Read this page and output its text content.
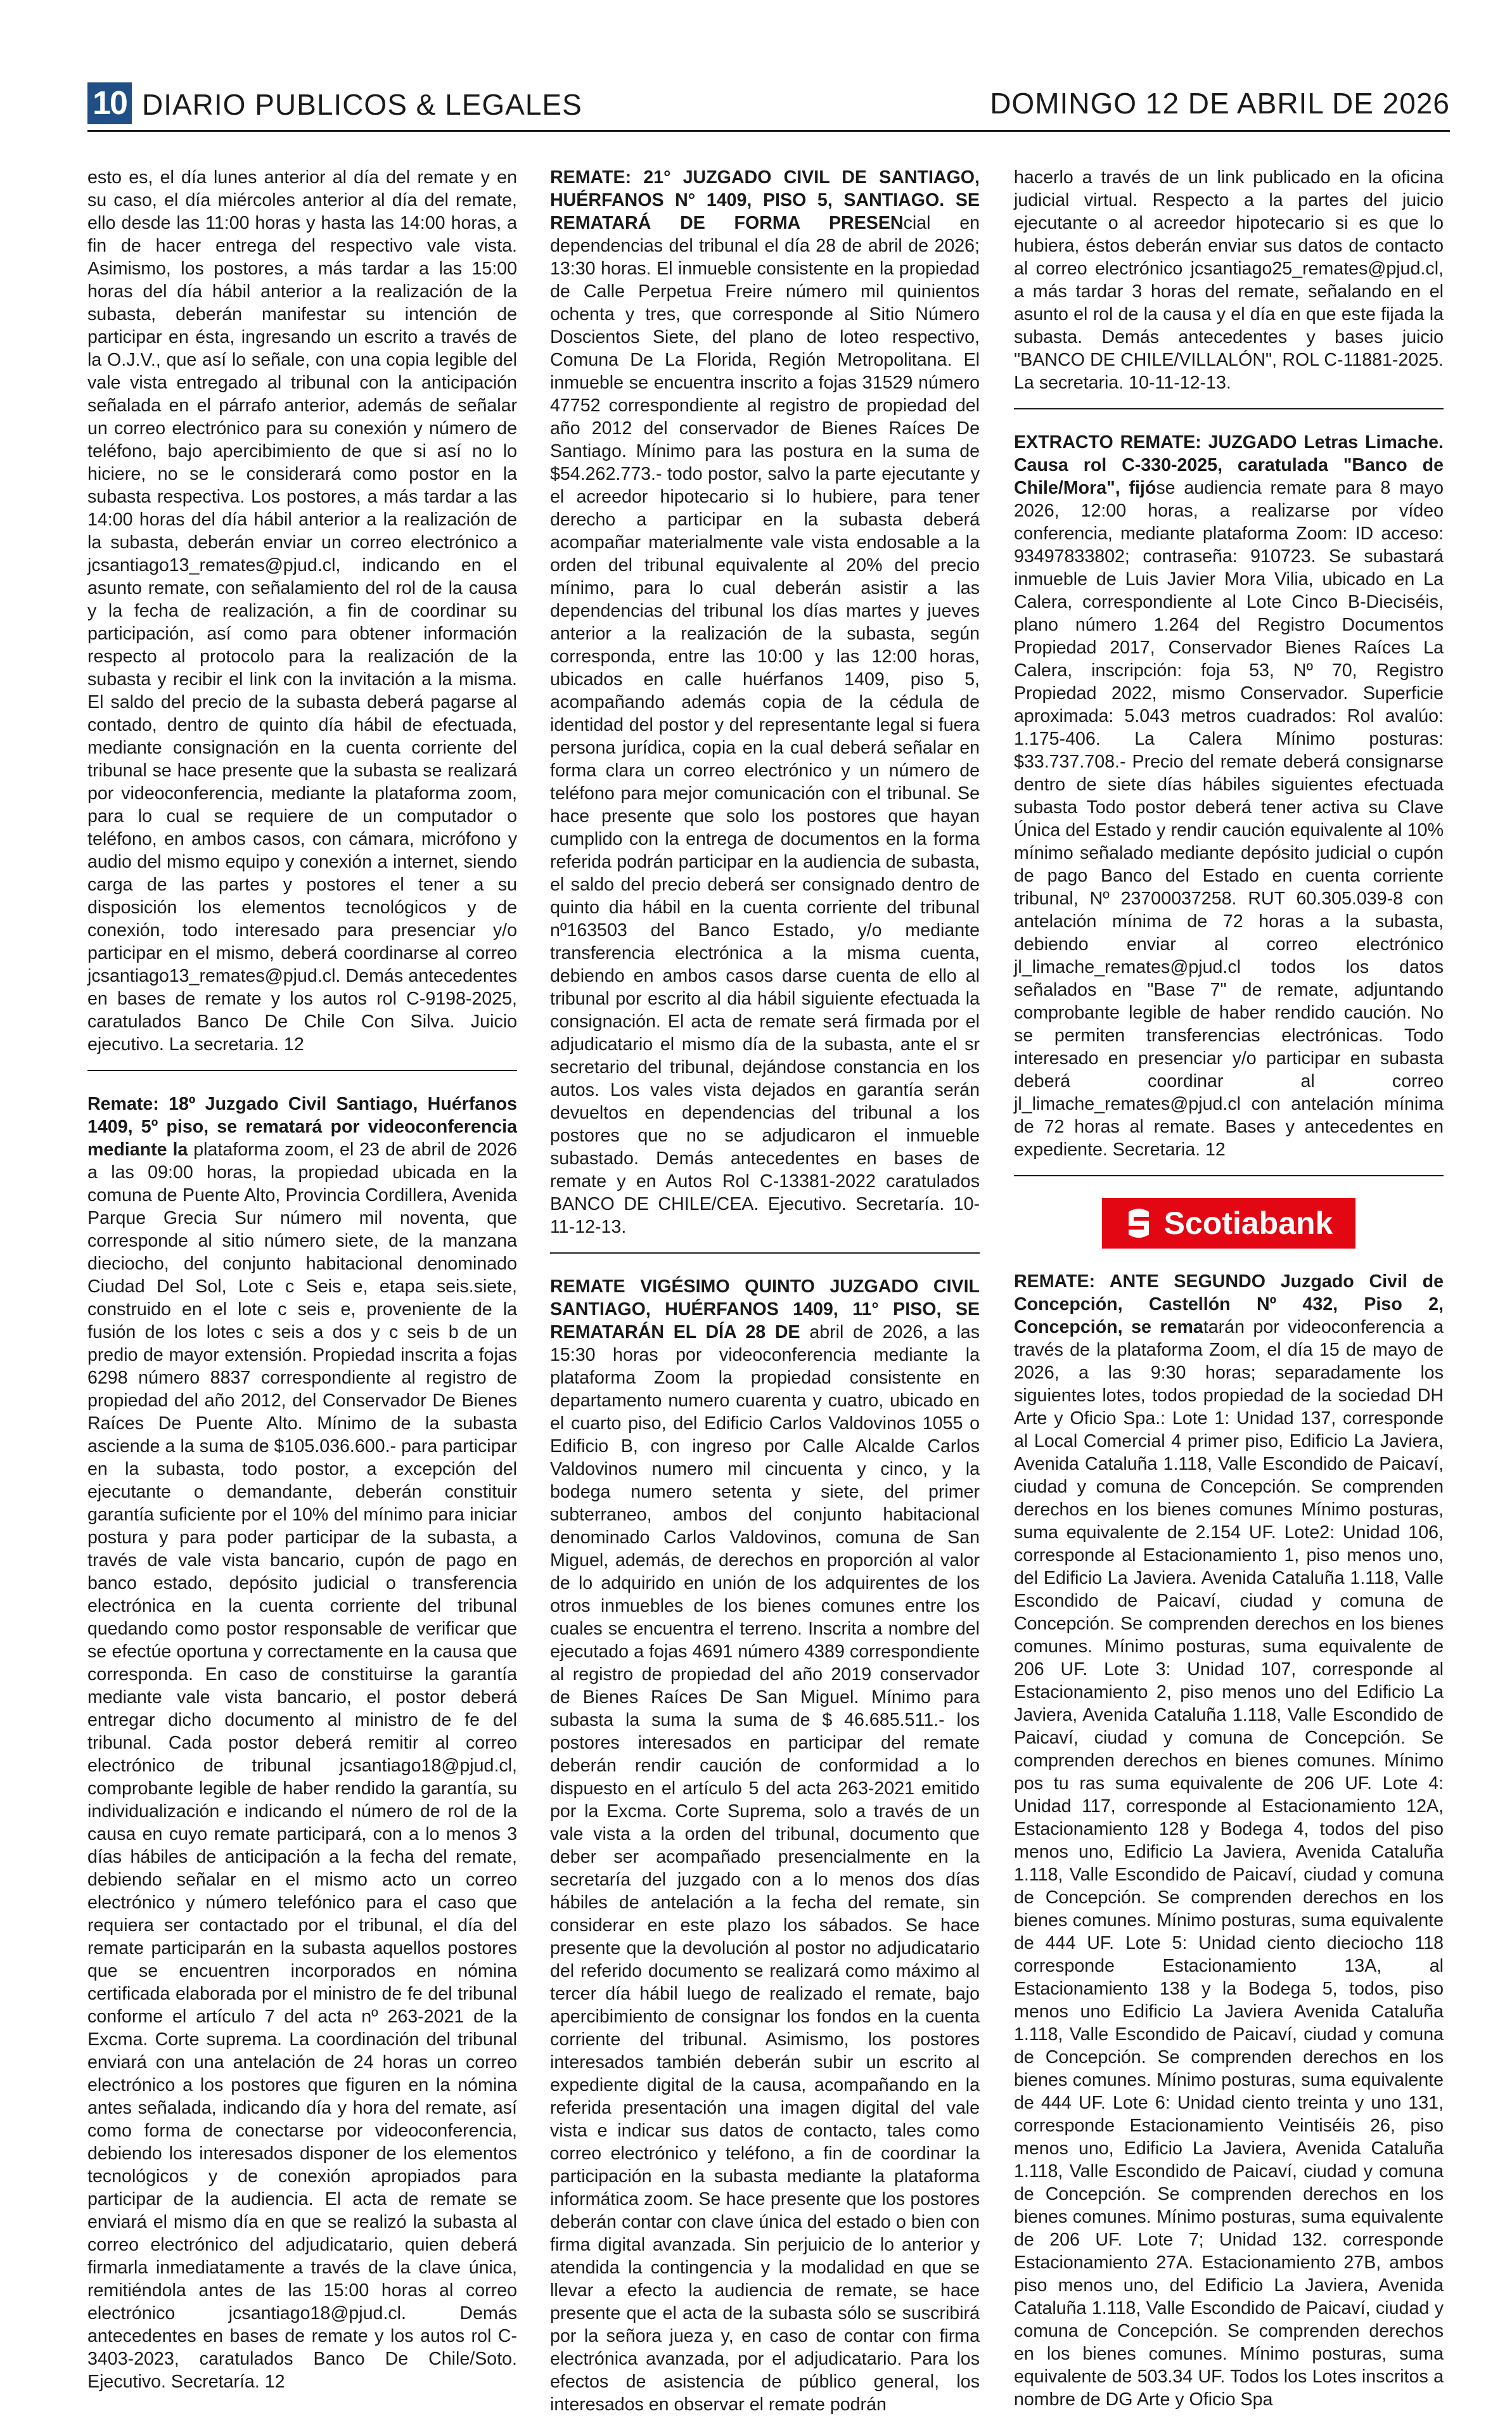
10 DIARIO PUBLICOS & LEGALES	DOMINGO 12 DE ABRIL DE 2026

esto es, el día lunes anterior al día del remate y en su caso, el día miércoles anterior al día del remate, ello desde las 11:00 horas y hasta las 14:00 horas, a fin de hacer entrega del respectivo vale vista. Asimismo, los postores, a más tardar a las 15:00 horas del día hábil anterior a la realización de la subasta, deberán manifestar su intención de participar en ésta, ingresando un escrito a través de la O.J.V., que así lo señale, con una copia legible del vale vista entregado al tribunal con la anticipación señalada en el párrafo anterior, además de señalar un correo electrónico para su conexión y número de teléfono, bajo apercibimiento de que si así no lo hiciere, no se le considerará como postor en la subasta respectiva. Los postores, a más tardar a las 14:00 horas del día hábil anterior a la realización de la subasta, deberán enviar un correo electrónico a jcsantiago13_remates@pjud.cl, indicando en el asunto remate, con señalamiento del rol de la causa y la fecha de realización, a fin de coordinar su participación, así como para obtener información respecto al protocolo para la realización de la subasta y recibir el link con la invitación a la misma. El saldo del precio de la subasta deberá pagarse al contado, dentro de quinto día hábil de efectuada, mediante consignación en la cuenta corriente del tribunal se hace presente que la subasta se realizará por videoconferencia, mediante la plataforma zoom, para lo cual se requiere de un computador o teléfono, en ambos casos, con cámara, micrófono y audio del mismo equipo y conexión a internet, siendo carga de las partes y postores el tener a su disposición los elementos tecnológicos y de conexión, todo interesado para presenciar y/o participar en el mismo, deberá coordinarse al correo jcsantiago13_remates@pjud.cl. Demás antecedentes en bases de remate y los autos rol C-9198-2025, caratulados Banco De Chile Con Silva. Juicio ejecutivo. La secretaria. 12

Remate: 18º Juzgado Civil Santiago, Huérfanos 1409, 5º piso, se rematará por videoconferencia mediante la plataforma zoom, el 23 de abril de 2026 a las 09:00 horas, la propiedad ubicada en la comuna de Puente Alto, Provincia Cordillera, Avenida Parque Grecia Sur número mil noventa, que corresponde al sitio número siete, de la manzana dieciocho, del conjunto habitacional denominado Ciudad Del Sol, Lote c Seis e, etapa seis.siete, construido en el lote c seis e, proveniente de la fusión de los lotes c seis a dos y c seis b de un predio de mayor extensión. Propiedad inscrita a fojas 6298 número 8837 correspondiente al registro de propiedad del año 2012, del Conservador De Bienes Raíces De Puente Alto. Mínimo de la subasta asciende a la suma de $105.036.600.- para participar en la subasta, todo postor, a excepción del ejecutante o demandante, deberán constituir garantía suficiente por el 10% del mínimo para iniciar postura y para poder participar de la subasta, a través de vale vista bancario, cupón de pago en banco estado, depósito judicial o transferencia electrónica en la cuenta corriente del tribunal quedando como postor responsable de verificar que se efectúe oportuna y correctamente en la causa que corresponda. En caso de constituirse la garantía mediante vale vista bancario, el postor deberá entregar dicho documento al ministro de fe del tribunal. Cada postor deberá remitir al correo electrónico de tribunal jcsantiago18@pjud.cl, comprobante legible de haber rendido la garantía, su individualización e indicando el número de rol de la causa en cuyo remate participará, con a lo menos 3 días hábiles de anticipación a la fecha del remate, debiendo señalar en el mismo acto un correo electrónico y número telefónico para el caso que requiera ser contactado por el tribunal, el día del remate participarán en la subasta aquellos postores que se encuentren incorporados en nómina certificada elaborada por el ministro de fe del tribunal conforme el artículo 7 del acta nº 263-2021 de la Excma. Corte suprema. La coordinación del tribunal enviará con una antelación de 24 horas un correo electrónico a los postores que figuren en la nómina antes señalada, indicando día y hora del remate, así como forma de conectarse por videoconferencia, debiendo los interesados disponer de los elementos tecnológicos y de conexión apropiados para participar de la audiencia. El acta de remate se enviará el mismo día en que se realizó la subasta al correo electrónico del adjudicatario, quien deberá firmarla inmediatamente a través de la clave única, remitiéndola antes de las 15:00 horas al correo electrónico jcsantiago18@pjud.cl. Demás antecedentes en bases de remate y los autos rol C-3403-2023, caratulados Banco De Chile/Soto. Ejecutivo. Secretaría. 12

REMATE: 21° JUZGADO CIVIL DE SANTIAGO, HUÉRFANOS N° 1409, PISO 5, SANTIAGO. SE REMATARÁ DE FORMA PRESENcial en dependencias del tribunal el día 28 de abril de 2026; 13:30 horas. El inmueble consistente en la propiedad de Calle Perpetua Freire número mil quinientos ochenta y tres, que corresponde al Sitio Número Doscientos Siete, del plano de loteo respectivo, Comuna De La Florida, Región Metropolitana. El inmueble se encuentra inscrito a fojas 31529 número 47752 correspondiente al registro de propiedad del año 2012 del conservador de Bienes Raíces De Santiago. Mínimo para las postura en la suma de $54.262.773.- todo postor, salvo la parte ejecutante y el acreedor hipotecario si lo hubiere, para tener derecho a participar en la subasta deberá acompañar materialmente vale vista endosable a la orden del tribunal equivalente al 20% del precio mínimo, para lo cual deberán asistir a las dependencias del tribunal los días martes y jueves anterior a la realización de la subasta, según corresponda, entre las 10:00 y las 12:00 horas, ubicados en calle huérfanos 1409, piso 5, acompañando además copia de la cédula de identidad del postor y del representante legal si fuera persona jurídica, copia en la cual deberá señalar en forma clara un correo electrónico y un número de teléfono para mejor comunicación con el tribunal. Se hace presente que solo los postores que hayan cumplido con la entrega de documentos en la forma referida podrán participar en la audiencia de subasta, el saldo del precio deberá ser consignado dentro de quinto dia hábil en la cuenta corriente del tribunal nº163503 del Banco Estado, y/o mediante transferencia electrónica a la misma cuenta, debiendo en ambos casos darse cuenta de ello al tribunal por escrito al dia hábil siguiente efectuada la consignación. El acta de remate será firmada por el adjudicatario el mismo día de la subasta, ante el sr secretario del tribunal, dejándose constancia en los autos. Los vales vista dejados en garantía serán devueltos en dependencias del tribunal a los postores que no se adjudicaron el inmueble subastado. Demás antecedentes en bases de remate y en Autos Rol C-13381-2022 caratulados BANCO DE CHILE/CEA. Ejecutivo. Secretaría. 10-11-12-13.

REMATE VIGÉSIMO QUINTO JUZGADO CIVIL SANTIAGO, HUÉRFANOS 1409, 11° PISO, SE REMATARÁN EL DÍA 28 DE abril de 2026, a las 15:30 horas por videoconferencia mediante la plataforma Zoom la propiedad consistente en departamento numero cuarenta y cuatro, ubicado en el cuarto piso, del Edificio Carlos Valdovinos 1055 o Edificio B, con ingreso por Calle Alcalde Carlos Valdovinos numero mil cincuenta y cinco, y la bodega numero setenta y siete, del primer subterraneo, ambos del conjunto habitacional denominado Carlos Valdovinos, comuna de San Miguel, además, de derechos en proporción al valor de lo adquirido en unión de los adquirentes de los otros inmuebles de los bienes comunes entre los cuales se encuentra el terreno. Inscrita a nombre del ejecutado a fojas 4691 número 4389 correspondiente al registro de propiedad del año 2019 conservador de Bienes Raíces De San Miguel. Mínimo para subasta la suma la suma de $ 46.685.511.- los postores interesados en participar del remate deberán rendir caución de conformidad a lo dispuesto en el artículo 5 del acta 263-2021 emitido por la Excma. Corte Suprema, solo a través de un vale vista a la orden del tribunal, documento que deber ser acompañado presencialmente en la secretaría del juzgado con a lo menos dos días hábiles de antelación a la fecha del remate, sin considerar en este plazo los sábados. Se hace presente que la devolución al postor no adjudicatario del referido documento se realizará como máximo al tercer día hábil luego de realizado el remate, bajo apercibimiento de consignar los fondos en la cuenta corriente del tribunal. Asimismo, los postores interesados también deberán subir un escrito al expediente digital de la causa, acompañando en la referida presentación una imagen digital del vale vista e indicar sus datos de contacto, tales como correo electrónico y teléfono, a fin de coordinar la participación en la subasta mediante la plataforma informática zoom. Se hace presente que los postores deberán contar con clave única del estado o bien con firma digital avanzada. Sin perjuicio de lo anterior y atendida la contingencia y la modalidad en que se llevar a efecto la audiencia de remate, se hace presente que el acta de la subasta sólo se suscribirá por la señora jueza y, en caso de contar con firma electrónica avanzada, por el adjudicatario. Para los efectos de asistencia de público general, los interesados en observar el remate podrán

hacerlo a través de un link publicado en la oficina judicial virtual. Respecto a la partes del juicio ejecutante o al acreedor hipotecario si es que lo hubiera, éstos deberán enviar sus datos de contacto al correo electrónico jcsantiago25_remates@pjud.cl, a más tardar 3 horas del remate, señalando en el asunto el rol de la causa y el día en que este fijada la subasta. Demás antecedentes y bases juicio "BANCO DE CHILE/VILLALÓN", ROL C-11881-2025. La secretaria. 10-11-12-13.

EXTRACTO REMATE: JUZGADO Letras Limache. Causa rol C-330-2025, caratulada "Banco de Chile/Mora", fijóse audiencia remate para 8 mayo 2026, 12:00 horas, a realizarse por vídeo conferencia, mediante plataforma Zoom: ID acceso: 93497833802; contraseña: 910723. Se subastará inmueble de Luis Javier Mora Vilia, ubicado en La Calera, correspondiente al Lote Cinco B-Dieciséis, plano número 1.264 del Registro Documentos Propiedad 2017, Conservador Bienes Raíces La Calera, inscripción: foja 53, Nº 70, Registro Propiedad 2022, mismo Conservador. Superficie aproximada: 5.043 metros cuadrados: Rol avalúo: 1.175-406. La Calera Mínimo posturas: $33.737.708.- Precio del remate deberá consignarse dentro de siete días hábiles siguientes efectuada subasta Todo postor deberá tener activa su Clave Única del Estado y rendir caución equivalente al 10% mínimo señalado mediante depósito judicial o cupón de pago Banco del Estado en cuenta corriente tribunal, Nº 23700037258. RUT 60.305.039-8 con antelación mínima de 72 horas a la subasta, debiendo enviar al correo electrónico jl_limache_remates@pjud.cl todos los datos señalados en "Base 7" de remate, adjuntando comprobante legible de haber rendido caución. No se permiten transferencias electrónicas. Todo interesado en presenciar y/o participar en subasta deberá coordinar al correo jl_limache_remates@pjud.cl con antelación mínima de 72 horas al remate. Bases y antecedentes en expediente. Secretaria. 12

Scotiabank

REMATE: ANTE SEGUNDO Juzgado Civil de Concepción, Castellón Nº 432, Piso 2, Concepción, se rematarán por videoconferencia a través de la plataforma Zoom, el día 15 de mayo de 2026, a las 9:30 horas; separadamente los siguientes lotes, todos propiedad de la sociedad DH Arte y Oficio Spa.: Lote 1: Unidad 137, corresponde al Local Comercial 4 primer piso, Edificio La Javiera, Avenida Cataluña 1.118, Valle Escondido de Paicaví, ciudad y comuna de Concepción. Se comprenden derechos en los bienes comunes Mínimo posturas, suma equivalente de 2.154 UF. Lote2: Unidad 106, corresponde al Estacionamiento 1, piso menos uno, del Edificio La Javiera. Avenida Cataluña 1.118, Valle Escondido de Paicaví, ciudad y comuna de Concepción. Se comprenden derechos en los bienes comunes. Mínimo posturas, suma equivalente de 206 UF. Lote 3: Unidad 107, corresponde al Estacionamiento 2, piso menos uno del Edificio La Javiera, Avenida Cataluña 1.118, Valle Escondido de Paicaví, ciudad y comuna de Concepción. Se comprenden derechos en bienes comunes. Mínimo pos tu ras suma equivalente de 206 UF. Lote 4: Unidad 117, corresponde al Estacionamiento 12A, Estacionamiento 128 y Bodega 4, todos del piso menos uno, Edificio La Javiera, Avenida Cataluña 1.118, Valle Escondido de Paicaví, ciudad y comuna de Concepción. Se comprenden derechos en los bienes comunes. Mínimo posturas, suma equivalente de 444 UF. Lote 5: Unidad ciento dieciocho 118 corresponde Estacionamiento 13A, al Estacionamiento 138 y la Bodega 5, todos, piso menos uno Edificio La Javiera Avenida Cataluña 1.118, Valle Escondido de Paicaví, ciudad y comuna de Concepción. Se comprenden derechos en los bienes comunes. Mínimo posturas, suma equivalente de 444 UF. Lote 6: Unidad ciento treinta y uno 131, corresponde Estacionamiento Veintiséis 26, piso menos uno, Edificio La Javiera, Avenida Cataluña 1.118, Valle Escondido de Paicaví, ciudad y comuna de Concepción. Se comprenden derechos en los bienes comunes. Mínimo posturas, suma equivalente de 206 UF. Lote 7; Unidad 132. corresponde Estacionamiento 27A. Estacionamiento 27B, ambos piso menos uno, del Edificio La Javiera, Avenida Cataluña 1.118, Valle Escondido de Paicaví, ciudad y comuna de Concepción. Se comprenden derechos en los bienes comunes. Mínimo posturas, suma equivalente de 503.34 UF. Todos los Lotes inscritos a nombre de DG Arte y Oficio Spa
